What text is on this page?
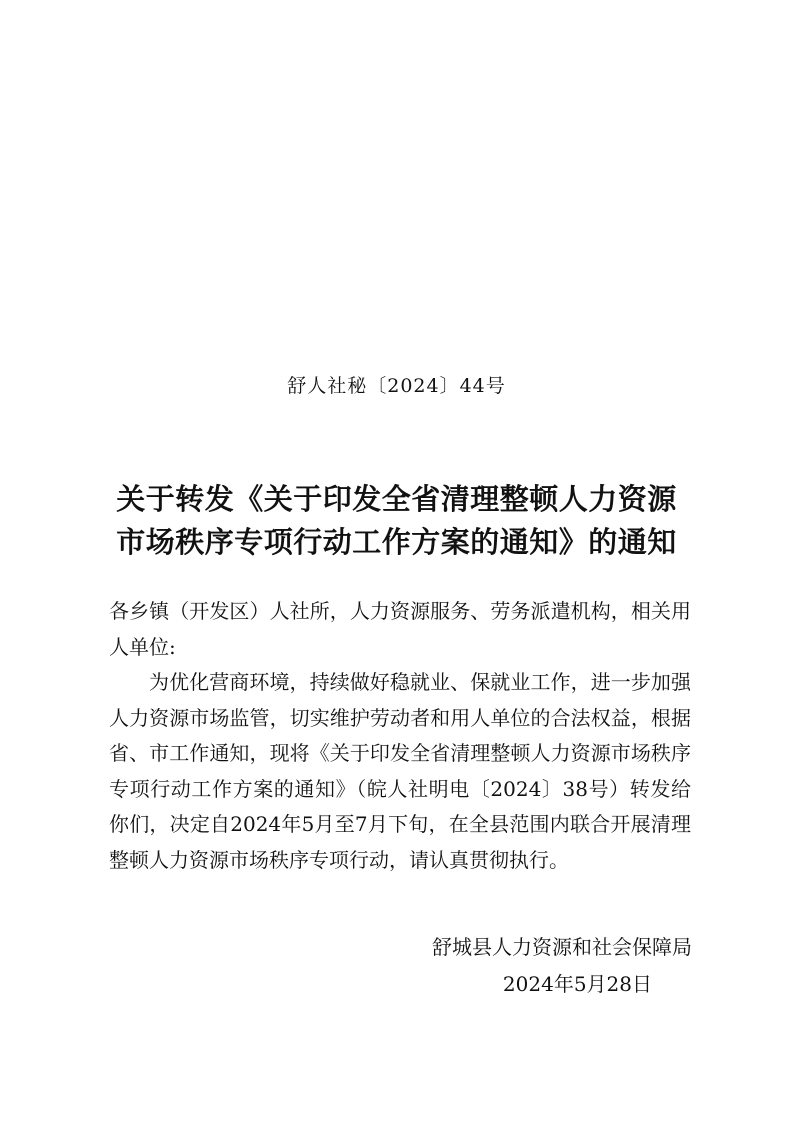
舒人社秘〔2024〕44号
关于转发《关于印发全省清理整顿人力资源
市场秩序专项行动工作方案的通知》的通知

各乡镇（开发区）人社所，人力资源服务、劳务派遣机构，相关用人单位:

为优化营商环境，持续做好稳就业、保就业工作，进一步加强人力资源市场监管，切实维护劳动者和用人单位的合法权益，根据省、市工作通知，现将《关于印发全省清理整顿人力资源市场秩序专项行动工作方案的通知》（皖人社明电〔2024〕38号）转发给你们，决定自2024年5月至7月下旬，在全县范围内联合开展清理整顿人力资源市场秩序专项行动，请认真贯彻执行。

舒城县人力资源和社会保障局
2024年5月28日
